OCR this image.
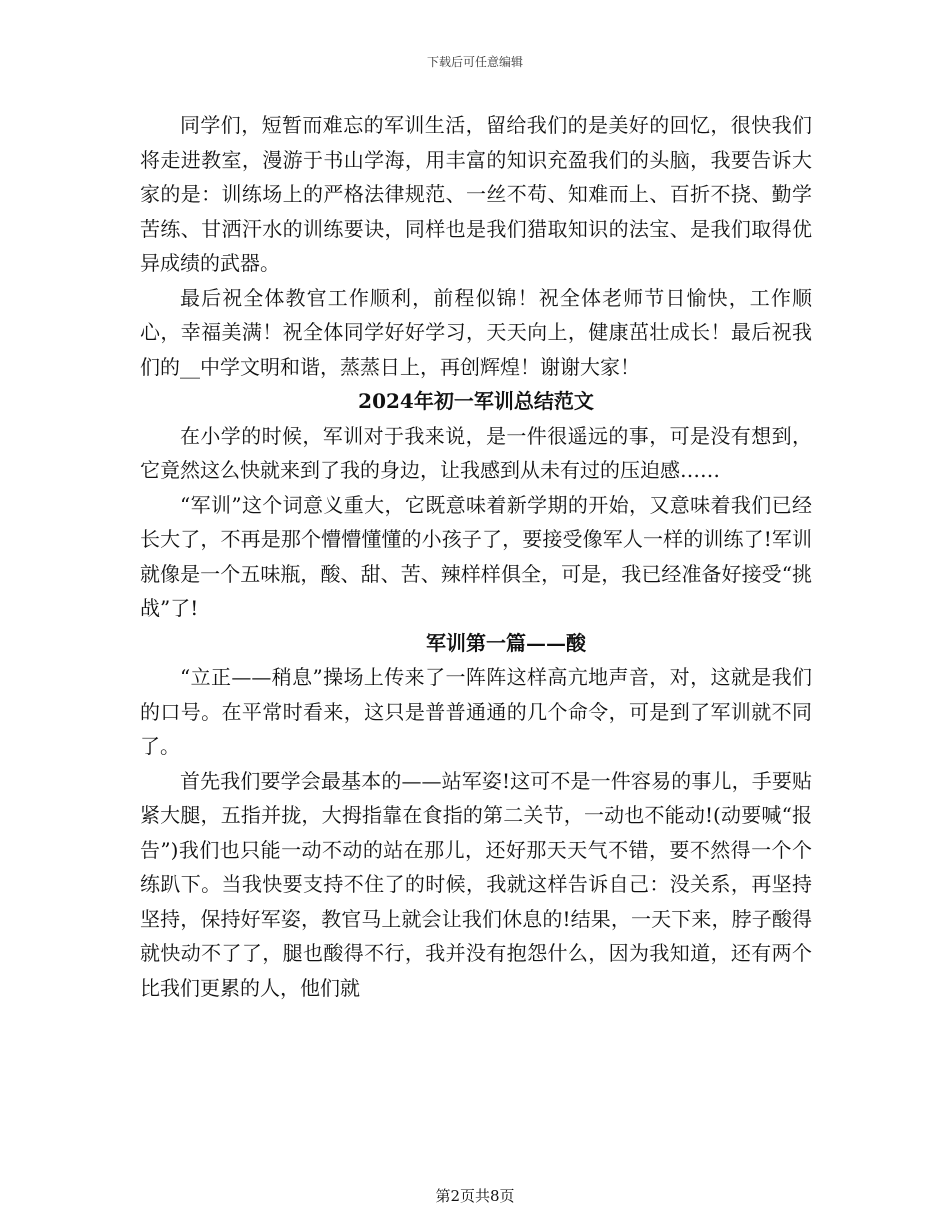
下载后可任意编辑

同学们，短暂而难忘的军训生活，留给我们的是美好的回忆，很快我们将走进教室，漫游于书山学海，用丰富的知识充盈我们的头脑，我要告诉大家的是：训练场上的严格法律规范、一丝不苟、知难而上、百折不挠、勤学苦练、甘洒汗水的训练要诀，同样也是我们猎取知识的法宝、是我们取得优异成绩的武器。

最后祝全体教官工作顺利，前程似锦！祝全体老师节日愉快，工作顺心，幸福美满！祝全体同学好好学习，天天向上，健康茁壮成长！最后祝我们的__中学文明和谐，蒸蒸日上，再创辉煌！谢谢大家！

2024年初一军训总结范文

在小学的时候，军训对于我来说，是一件很遥远的事，可是没有想到，它竟然这么快就来到了我的身边，让我感到从未有过的压迫感……

“军训”这个词意义重大，它既意味着新学期的开始，又意味着我们已经长大了，不再是那个懵懵懂懂的小孩子了，要接受像军人一样的训练了!军训就像是一个五味瓶，酸、甜、苦、辣样样俱全，可是，我已经准备好接受“挑战”了!

军训第一篇——酸

“立正——稍息”操场上传来了一阵阵这样高亢地声音，对，这就是我们的口号。在平常时看来，这只是普普通通的几个命令，可是到了军训就不同了。

首先我们要学会最基本的——站军姿!这可不是一件容易的事儿，手要贴紧大腿，五指并拢，大拇指靠在食指的第二关节，一动也不能动!(动要喊“报告”)我们也只能一动不动的站在那儿，还好那天天气不错，要不然得一个个练趴下。当我快要支持不住了的时候，我就这样告诉自己：没关系，再坚持坚持，保持好军姿，教官马上就会让我们休息的!结果，一天下来，脖子酸得就快动不了了，腿也酸得不行，我并没有抱怨什么，因为我知道，还有两个比我们更累的人，他们就

第2页共8页
